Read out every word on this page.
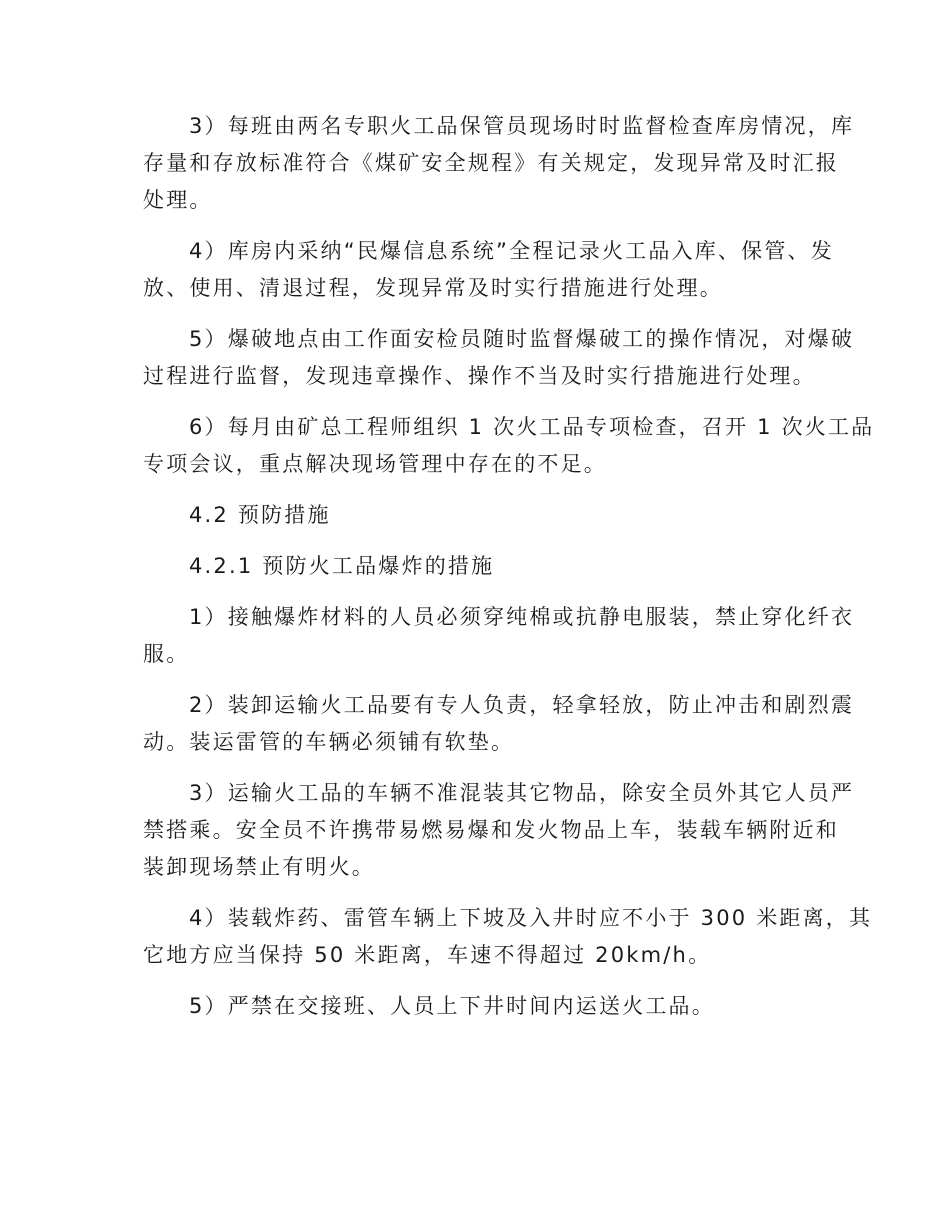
3）每班由两名专职火工品保管员现场时时监督检查库房情况，库
存量和存放标准符合《煤矿安全规程》有关规定，发现异常及时汇报
处理。
4）库房内采纳“民爆信息系统”全程记录火工品入库、保管、发
放、使用、清退过程，发现异常及时实行措施进行处理。
5）爆破地点由工作面安检员随时监督爆破工的操作情况，对爆破
过程进行监督，发现违章操作、操作不当及时实行措施进行处理。
6）每月由矿总工程师组织 1 次火工品专项检查，召开 1 次火工品
专项会议，重点解决现场管理中存在的不足。
4.2 预防措施
4.2.1 预防火工品爆炸的措施
1）接触爆炸材料的人员必须穿纯棉或抗静电服装，禁止穿化纤衣
服。
2）装卸运输火工品要有专人负责，轻拿轻放，防止冲击和剧烈震
动。装运雷管的车辆必须铺有软垫。
3）运输火工品的车辆不准混装其它物品，除安全员外其它人员严
禁搭乘。安全员不许携带易燃易爆和发火物品上车，装载车辆附近和
装卸现场禁止有明火。
4）装载炸药、雷管车辆上下坡及入井时应不小于 300 米距离，其
它地方应当保持 50 米距离，车速不得超过 20km/h。
5）严禁在交接班、人员上下井时间内运送火工品。
